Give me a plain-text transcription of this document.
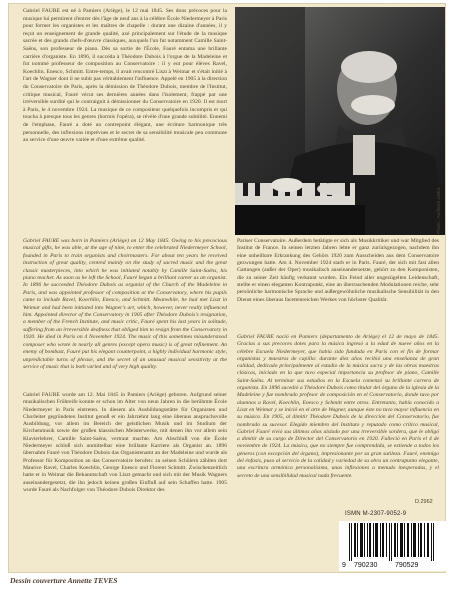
Gabriel FAURÉ est né à Pamiers (Ariège), le 12 mai 1845. Ses dons précoces pour la musique lui permirent d'entrer dès l'âge de neuf ans à la célèbre École Niedermeyer à Paris pour former les organistes et les maîtres de chapelle : durant une dizaine d'années, il y reçut un enseignement de grande qualité, axé principalement sur l'étude de la musique sacrée et des grands chefs-d'œuvre classiques, auxquels l'un fut notamment Camille Saint-Saëns, son professeur de piano. Dès sa sortie de l'École, Fauré entama une brillante carrière d'organiste. En 1896, il succéda à Théodore Dubois à l'orgue de la Madeleine et fut nommé professeur de composition au Conservatoire : il y eut pour élèves Ravel, Koechlin, Enesco, Schmitt. Entre-temps, il avait rencontré Liszt à Weimar et s'était initié à l'art de Wagner dont il ne subit pas véritablement l'influence. Appelé en 1905 à la direction du Conservatoire de Paris, après la démission de Théodore Dubois, membre de l'Institut, critique musical, Fauré vécut ses dernières années dans l'isolement, frappé par une irréversible surdité qui le contraignit à démissionner du Conservatoire en 1920. Il est mort à Paris, le 4 novembre 1924. La musique de ce compositeur quelquefois incompris et qui toucha à presque tous les genres (hormis l'opéra), se révèle d'une grande subtilité. Ennemi de l'emphase, Fauré a doté un contrepoint élégant, une écriture harmonique très personnelle, des inflexions imprévues et le secret de sa sensibilité musicale peu commune au service d'une œuvre variée et d'une extrême qualité.

Photo : Archives Leduc

Gabriel FAURÉ was born in Pamiers (Ariège) on 12 May 1845. Owing to his precocious musical gifts, he was able, at the age of nine, to enter the celebrated Niedermeyer School, founded in Paris to train organists and choirmasters. For about ten years he received instruction of great quality, centred mainly on the study of sacred music and the great classic masterpieces, into which he was initiated notably by Camille Saint-Saëns, his piano teacher. As soon as he left the School, Fauré began a brilliant career as an organist. In 1896 he succeeded Théodore Dubois as organist of the Church of the Madeleine in Paris, and was appointed professor of composition at the Conservatory, where his pupils came to include Ravel, Koechlin, Enesco, and Schmitt. Meanwhile, he had met Liszt in Weimar and had been initiated into Wagner's art, which, however, never really influenced him. Appointed director of the Conservatory in 1905 after Théodore Dubois's resignation, a member of the French Institute, and music critic, Fauré spent his last years in solitude, suffering from an irreversible deafness that obliged him to resign from the Conservatory in 1920. He died in Paris on 4 November 1924. The music of this sometimes misunderstood composer who wrote in nearly all genres (except opera music) is of great refinement. An enemy of bombast, Fauré put his elegant counterpoint, a highly individual harmonic style, unpredictable turns of phrase, and the secret of an unusual musical sensitivity at the service of music that is both varied and of very high quality.

Gabriel FAURÉ wurde am 12. Mai 1845 in Pamiers (Ariège) geboren. Aufgrund seiner musikalischen Frühreife konnte er schon im Alter von neun Jahren in die berühmte École Niedermeyer in Paris eintreten. In diesem als Ausbildungsstätte für Organisten und Chorleiter gegründeten Institut genoß er ein Jahrzehnt lang eine überaus anspruchsvolle Ausbildung, vor allem im Bereich der geistlichen Musik und im Studium der Kirchenmusik sowie der großen klassischen Meisterwerke, mit denen ihn vor allem sein Klavierlehrer, Camille Saint-Saëns, vertraut machte. Am Abschluß von die École Niedermeyer schloß sich unmittelbar eine brillante Karriere als Organist an. 1896 übernahm Fauré von Théodore Dubois das Organistenamt an der Madeleine und wurde als Professor für Komposition an das Conservatoire berufen: zu seinen Schülern zählten dort Maurice Ravel, Charles Koechlin, George Enesco und Florent Schmitt. Zwischenzeitlich hatte er in Weimar die Bekanntschaft von Liszt gemacht und sich mit der Musik Wagners auseinandergesetzt, die ihn jedoch keinen großen Einfluß auf sein Schaffen hatte. 1905 wurde Fauré als Nachfolger von Théodore Dubois Direktor des

Pariser Conservatoire. Außerdem betätigte er sich als Musikkritiker und war Mitglied des Institut de France. In seinen letzten Jahren lebte er ganz zurückgezogen, nachdem ihn eine unheilbare Erkrankung des Gehörs 1920 zum Ausscheiden aus dem Conservatoire gezwungen hatte. Am 4. November 1924 starb er in Paris. Fauré, der sich mit fast allen Gattungen (außer der Oper) musikalisch auseinandersetzte, gehört zu den Komponisten, die zu seiner Zeit häufig verkannt wurden. Ein Feind aller ungezügelten Leidenschaft, stellte er einen eleganten Kontrapunkt, eine an überraschenden Modulationen reiche, sehr persönliche harmonische Sprache und außergewöhnliche musikalische Sensibilität in den Dienst eines überaus facettenreichen Werkes von höchster Qualität.

Gabriel FAURÉ nació en Pamiers (departamento de Ariège) el 12 de mayo de 1845. Gracias a sus precoces dotes para la música ingresó a la edad de nueve años en la célebre Escuela Niedermeyer, que había sido fundada en París con el fin de formar organistas y maestros de capilla: durante diez años recibió una enseñanza de gran calidad, dedicado principalmente al estudio de la música sacra y de las obras maestras clásicas, iniciado en la que tuvo especial importancia su profesor de piano, Camille Saint-Saëns. Al terminar sus estudios en la Escuela comenzó su brillante carrera de organista. En 1896 sucedió a Théodore Dubois como titular del órgano de la iglesia de la Madeleine y fue nombrado profesor de composición en el Conservatorio, donde tuvo por alumnos a Ravel, Koechlin, Enesco y Schmitt entre otros. Entretanto, había conocido a Liszt en Weimar y se inició en el arte de Wagner, aunque éste no tuvo mayor influencia en su música. En 1905, al dimitir Théodore Dubois de la dirección del Conservatorio, fue nombrado su sucesor. Elegido miembro del Instituto y reputado como crítico musical, Gabriel Fauré vivió sus últimos años aislado por una irreversible sordera, que le obligó a dimitir de su cargo de Director del Conservatorio en 1920. Falleció en París el 4 de noviembre de 1924. La música, que no siempre fue comprendida, se extiende a todos los géneros (con excepción del órgano), impresionante por su gran sutileza. Fauré, enemigo del énfasis, puso al servicio de la calidad y variedad de su obra un contrapunto elegante, una escritura armónica personalísima, unas inflexiones a menudo inesperadas, y el secreto de una sensibilidad musical nada frecuente.

D.2962
ISMN M-2307-9052-9
9 790230	790529
Dessin couverture Annette TEVES
